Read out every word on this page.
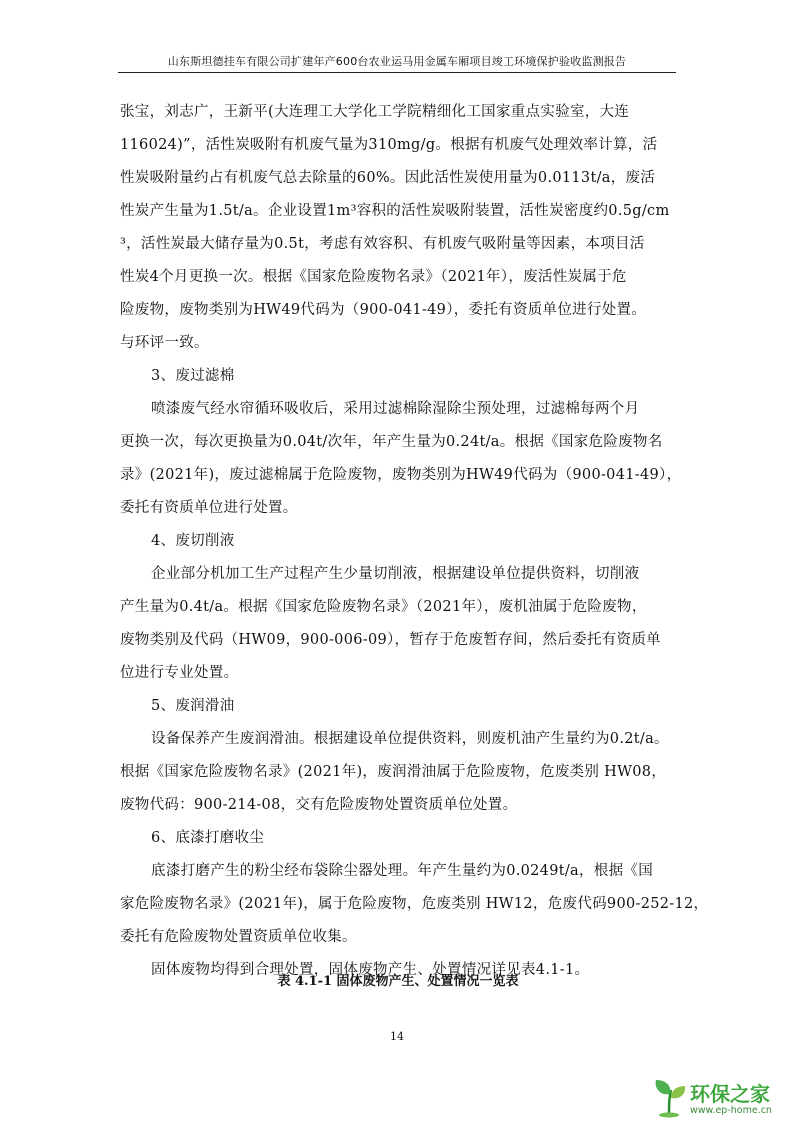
山东斯坦德挂车有限公司扩建年产600台农业运马用金属车厢项目竣工环境保护验收监测报告
张宝，刘志广，王新平(大连理工大学化工学院精细化工国家重点实验室，大连
116024)”，活性炭吸附有机废气量为310mg/g。根据有机废气处理效率计算，活
性炭吸附量约占有机废气总去除量的60%。因此活性炭使用量为0.0113t/a，废活
性炭产生量为1.5t/a。企业设置1m³容积的活性炭吸附装置，活性炭密度约0.5g/cm
³，活性炭最大储存量为0.5t，考虑有效容积、有机废气吸附量等因素，本项目活
性炭4个月更换一次。根据《国家危险废物名录》（2021年），废活性炭属于危
险废物，废物类别为HW49代码为（900-041-49），委托有资质单位进行处置。
与环评一致。
3、废过滤棉
喷漆废气经水帘循环吸收后，采用过滤棉除湿除尘预处理，过滤棉每两个月
更换一次，每次更换量为0.04t/次年，年产生量为0.24t/a。根据《国家危险废物名
录》(2021年)，废过滤棉属于危险废物，废物类别为HW49代码为（900-041-49），
委托有资质单位进行处置。
4、废切削液
企业部分机加工生产过程产生少量切削液，根据建设单位提供资料，切削液
产生量为0.4t/a。根据《国家危险废物名录》（2021年），废机油属于危险废物，
废物类别及代码（HW09，900-006-09），暂存于危废暂存间，然后委托有资质单
位进行专业处置。
5、废润滑油
设备保养产生废润滑油。根据建设单位提供资料，则废机油产生量约为0.2t/a。
根据《国家危险废物名录》(2021年)，废润滑油属于危险废物，危废类别 HW08，
废物代码：900-214-08，交有危险废物处置资质单位处置。
6、底漆打磨收尘
底漆打磨产生的粉尘经布袋除尘器处理。年产生量约为0.0249t/a，根据《国
家危险废物名录》(2021年)，属于危险废物，危废类别 HW12，危废代码900-252-12，
委托有危险废物处置资质单位收集。
固体废物均得到合理处置，固体废物产生、处置情况详见表4.1-1。
表 4.1-1 固体废物产生、处置情况一览表
14
环保之家
www.ep-home.cn
